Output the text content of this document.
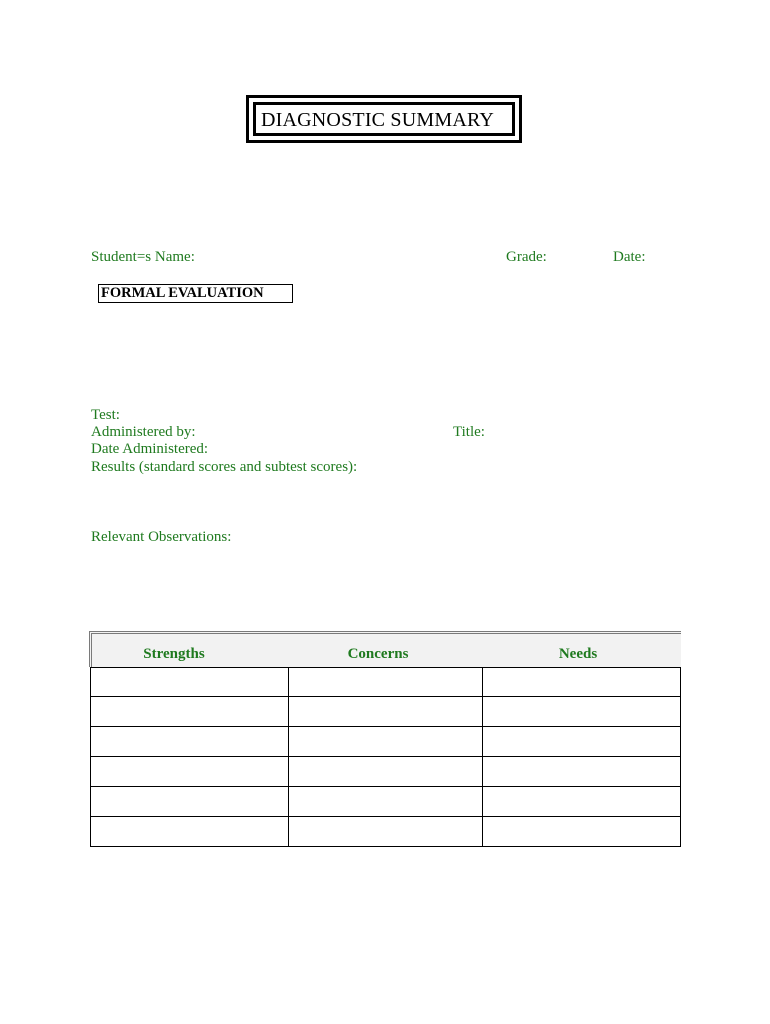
DIAGNOSTIC SUMMARY
Student=s Name:	Grade:	Date:
FORMAL EVALUATION
Test:
Administered by:	Title:
Date Administered:
Results (standard scores and subtest scores):
Relevant Observations:
Strengths	Concerns	Needs
